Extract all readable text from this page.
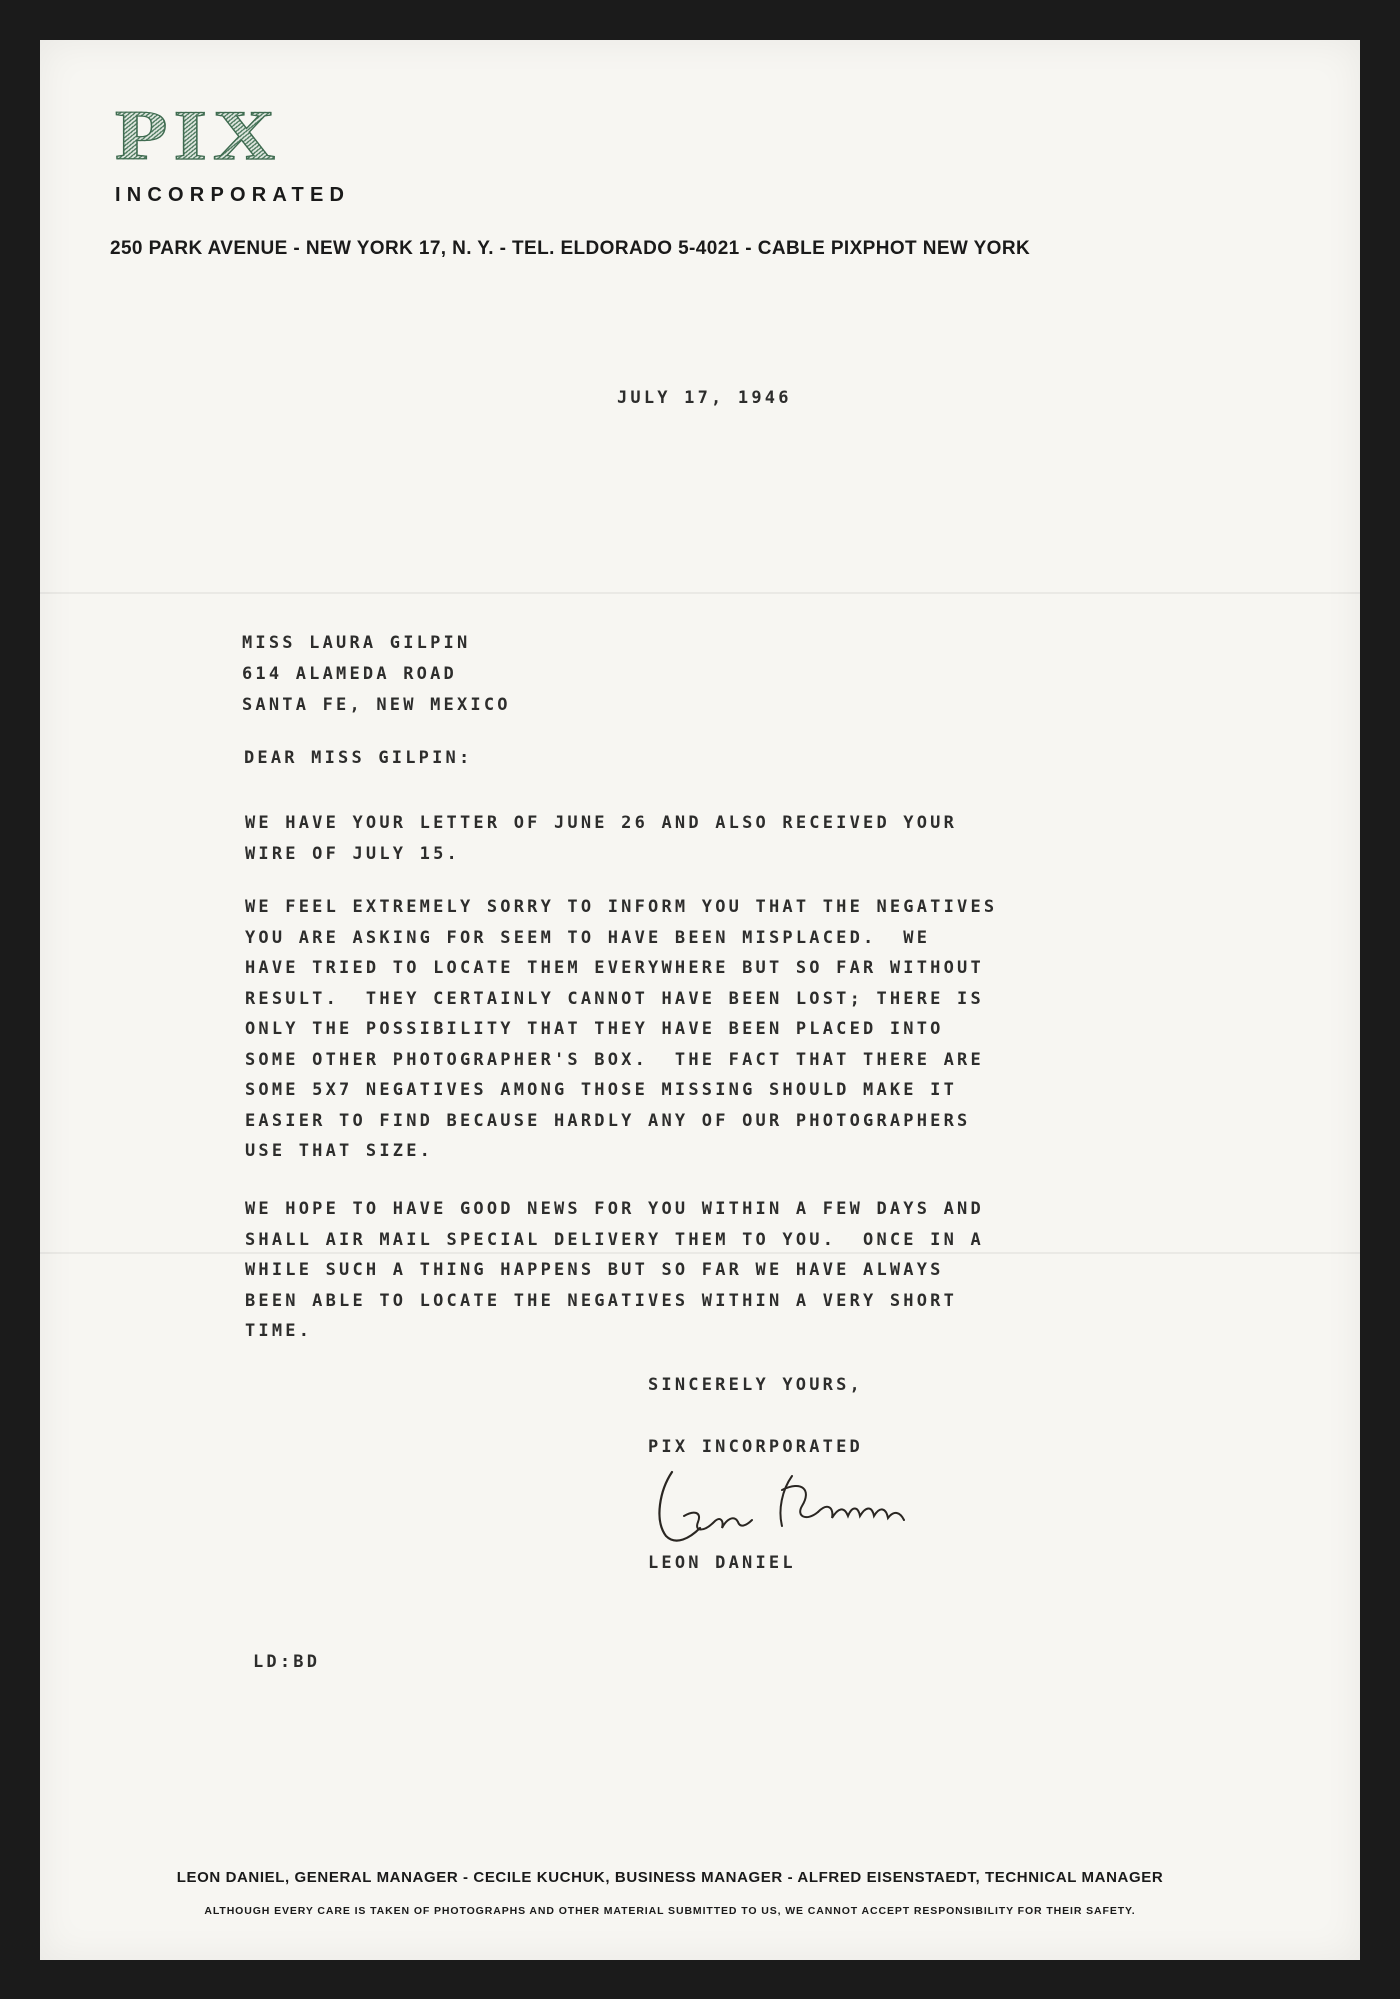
PIX
INCORPORATED
250 PARK AVENUE - NEW YORK 17, N. Y. - TEL. ELDORADO 5-4021 - CABLE PIXPHOT NEW YORK
JULY 17, 1946
MISS LAURA GILPIN
614 ALAMEDA ROAD
SANTA FE, NEW MEXICO
DEAR MISS GILPIN:
WE HAVE YOUR LETTER OF JUNE 26 AND ALSO RECEIVED YOUR
WIRE OF JULY 15.
WE FEEL EXTREMELY SORRY TO INFORM YOU THAT THE NEGATIVES
YOU ARE ASKING FOR SEEM TO HAVE BEEN MISPLACED.  WE
HAVE TRIED TO LOCATE THEM EVERYWHERE BUT SO FAR WITHOUT
RESULT.  THEY CERTAINLY CANNOT HAVE BEEN LOST; THERE IS
ONLY THE POSSIBILITY THAT THEY HAVE BEEN PLACED INTO
SOME OTHER PHOTOGRAPHER'S BOX.  THE FACT THAT THERE ARE
SOME 5X7 NEGATIVES AMONG THOSE MISSING SHOULD MAKE IT
EASIER TO FIND BECAUSE HARDLY ANY OF OUR PHOTOGRAPHERS
USE THAT SIZE.
WE HOPE TO HAVE GOOD NEWS FOR YOU WITHIN A FEW DAYS AND
SHALL AIR MAIL SPECIAL DELIVERY THEM TO YOU.  ONCE IN A
WHILE SUCH A THING HAPPENS BUT SO FAR WE HAVE ALWAYS
BEEN ABLE TO LOCATE THE NEGATIVES WITHIN A VERY SHORT
TIME.
SINCERELY YOURS,
PIX INCORPORATED
LEON DANIEL
LD:BD
LEON DANIEL, GENERAL MANAGER - CECILE KUCHUK, BUSINESS MANAGER - ALFRED EISENSTAEDT, TECHNICAL MANAGER
ALTHOUGH EVERY CARE IS TAKEN OF PHOTOGRAPHS AND OTHER MATERIAL SUBMITTED TO US, WE CANNOT ACCEPT RESPONSIBILITY FOR THEIR SAFETY.
